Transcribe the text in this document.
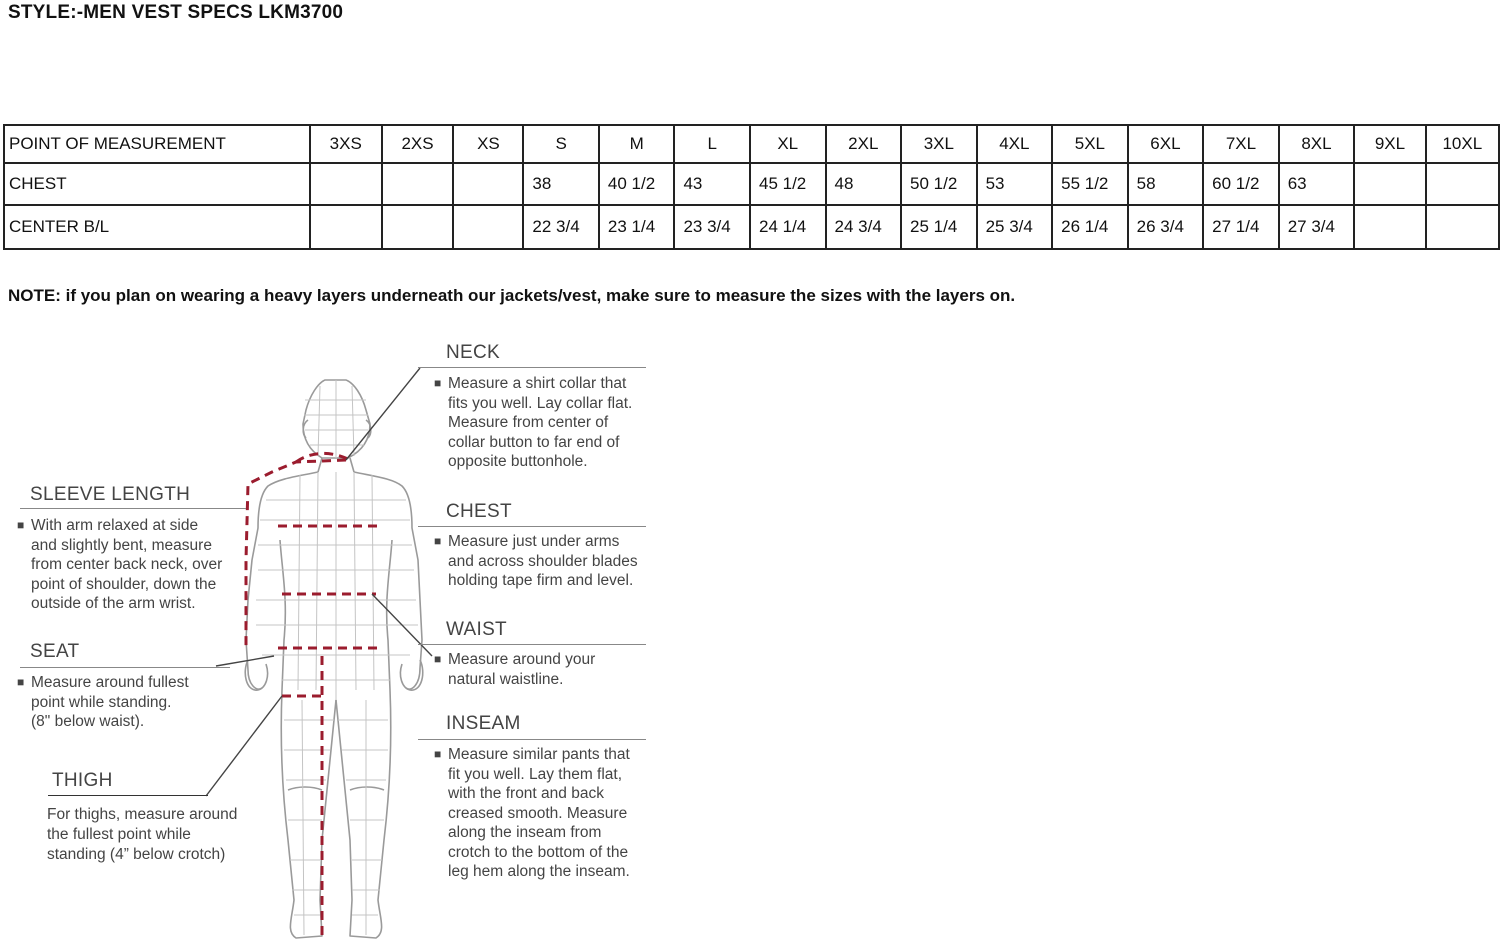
STYLE:-MEN VEST SPECS LKM3700
POINT OF MEASUREMENT	3XS	2XS	XS	S	M	L	XL	2XL	3XL	4XL	5XL	6XL	7XL	8XL	9XL	10XL
CHEST				38	40 1/2	43	45 1/2	48	50 1/2	53	55 1/2	58	60 1/2	63		
CENTER B/L				22 3/4	23 1/4	23 3/4	24 1/4	24 3/4	25 1/4	25 3/4	26 1/4	26 3/4	27 1/4	27 3/4		
NOTE: if you plan on wearing a heavy layers underneath our jackets/vest, make sure to measure the sizes with the layers on.
NECK
■ Measure a shirt collar that
fits you well. Lay collar flat.
Measure from center of
collar button to far end of
opposite buttonhole.
CHEST
■ Measure just under arms
and across shoulder blades
holding tape firm and level.
WAIST
■ Measure around your
natural waistline.
INSEAM
■ Measure similar pants that
fit you well. Lay them flat,
with the front and back
creased smooth. Measure
along the inseam from
crotch to the bottom of the
leg hem along the inseam.
SLEEVE LENGTH
■ With arm relaxed at side
and slightly bent, measure
from center back neck, over
point of shoulder, down the
outside of the arm wrist.
SEAT
■ Measure around fullest
point while standing.
(8" below waist).
THIGH
For thighs, measure around
the fullest point while
standing (4” below crotch)
